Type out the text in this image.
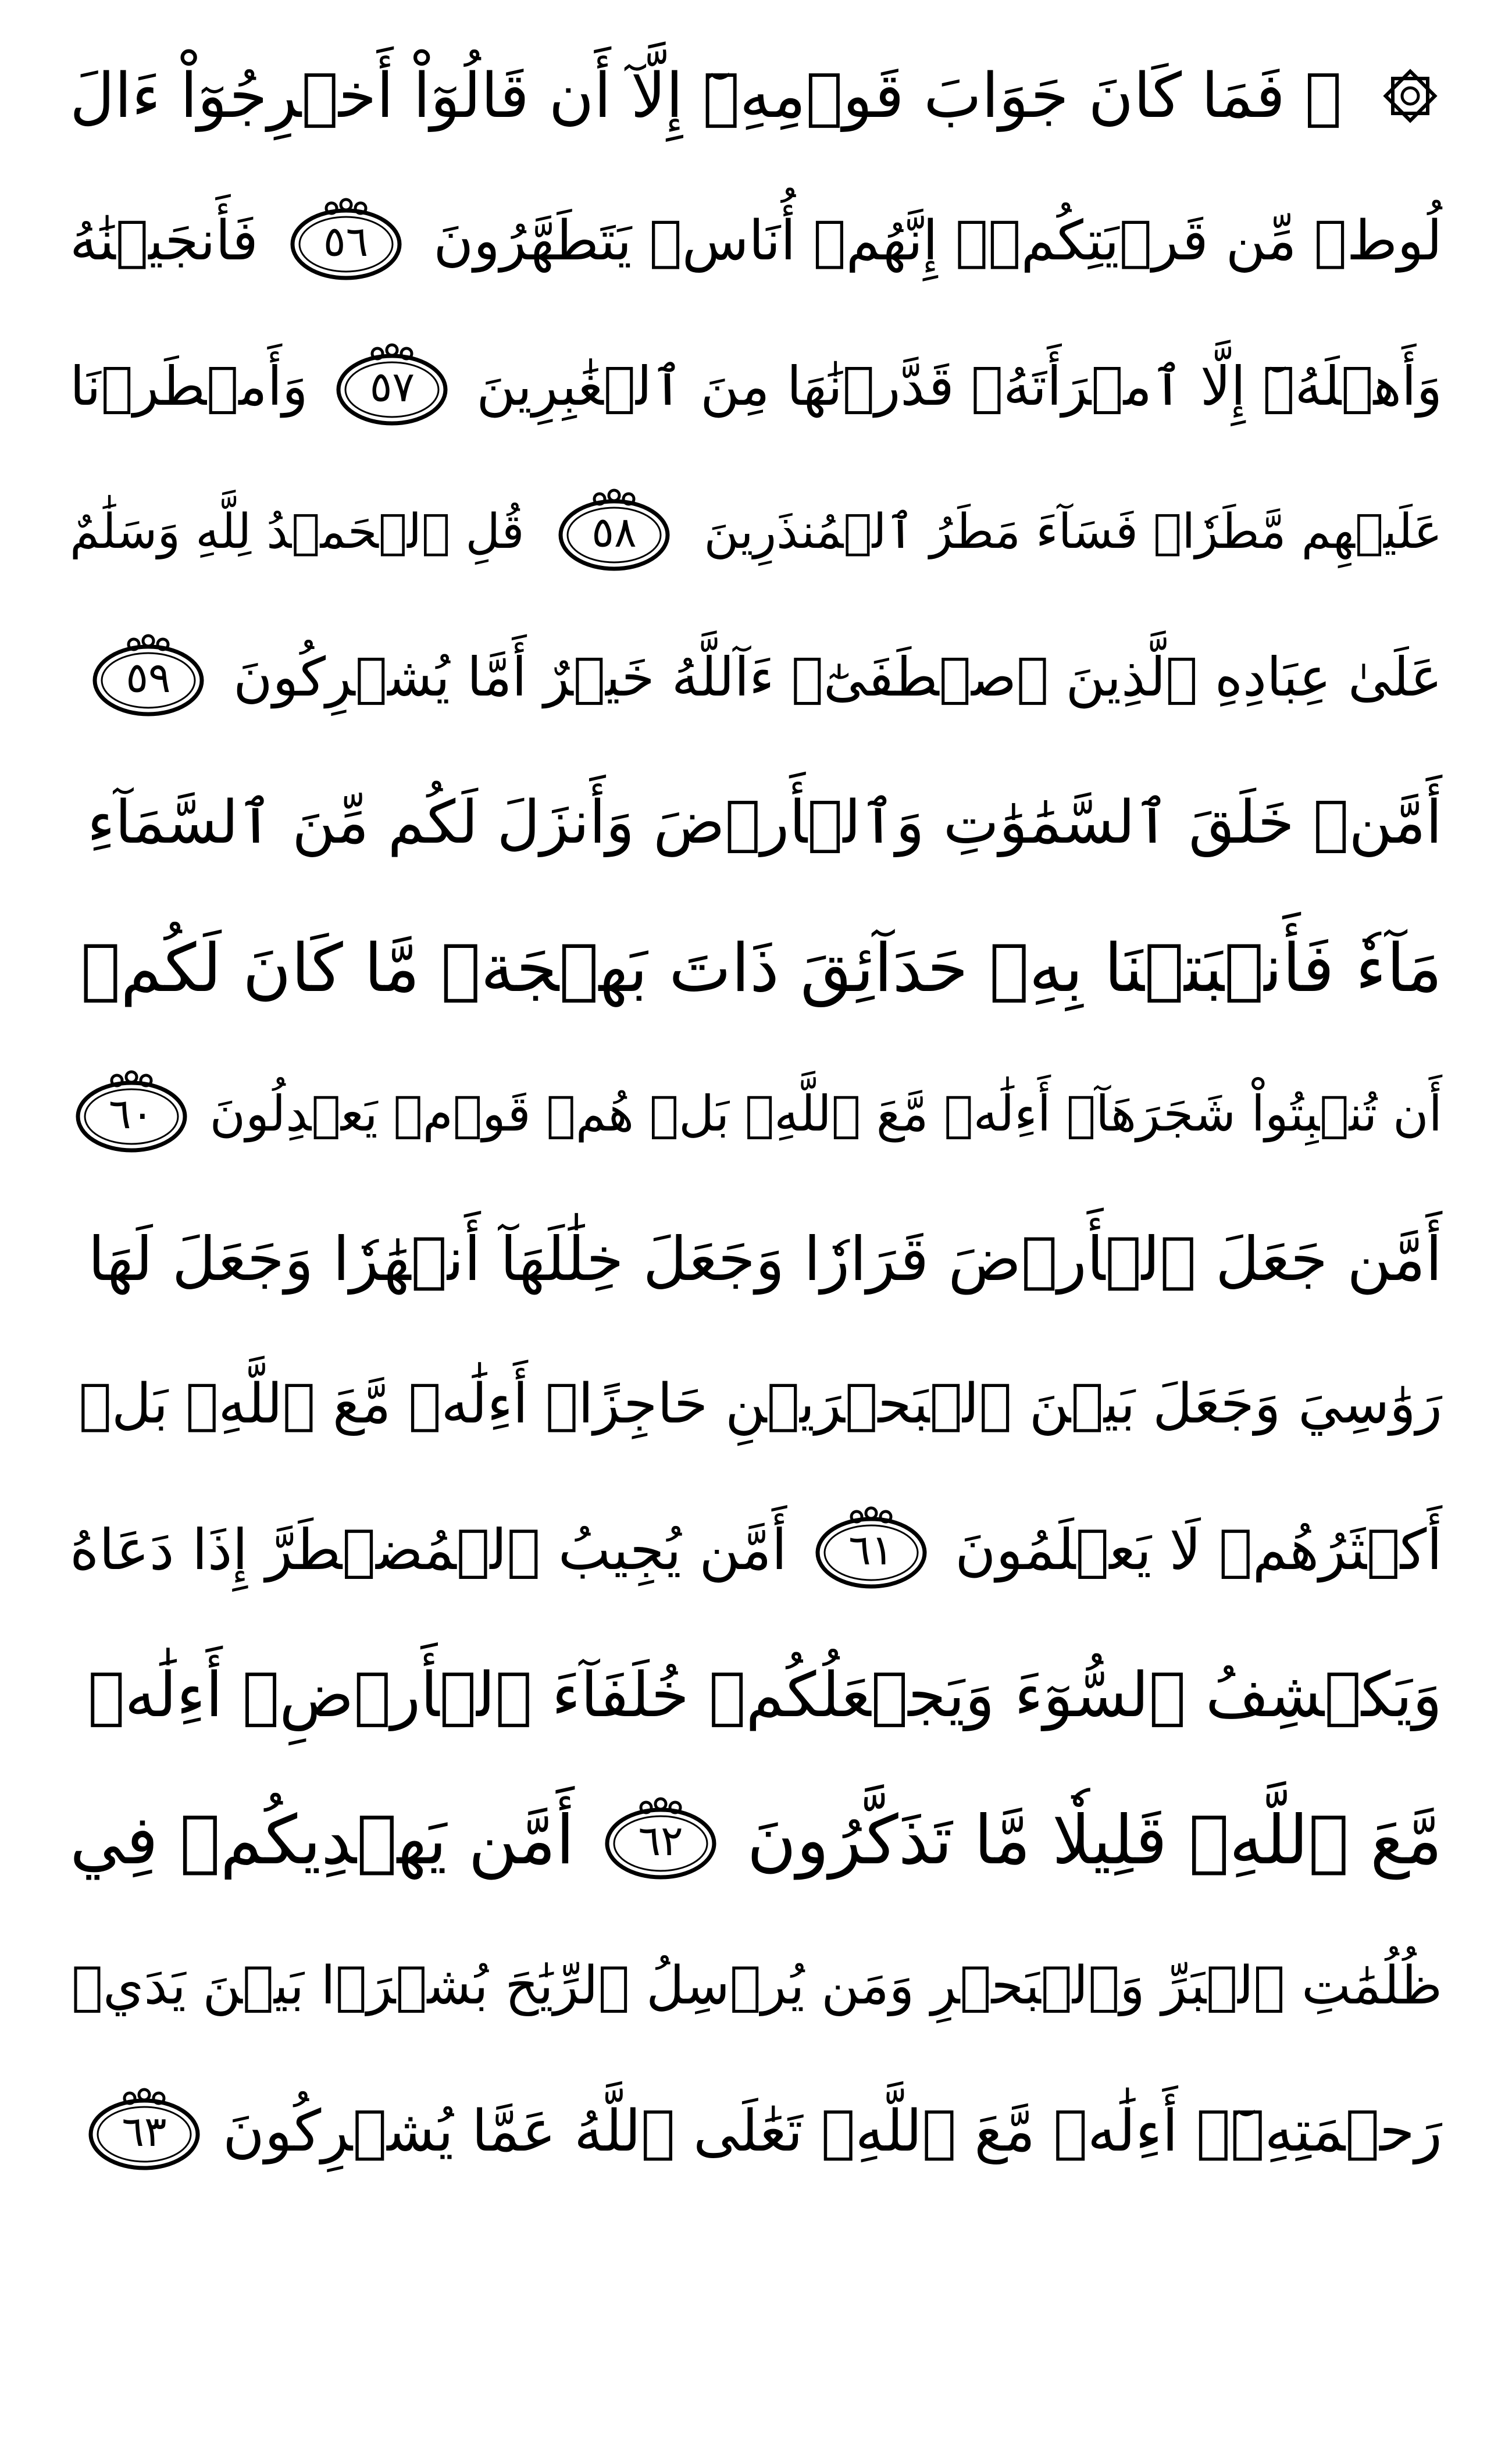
۞ فَمَا كَانَ جَوَابَ قَوۡمِهِۦٓ إِلَّآ أَن قَالُوٓاْ أَخۡرِجُوٓاْ ءَالَ
لُوطٖ مِّن قَرۡيَتِكُمۡۖ إِنَّهُمۡ أُنَاسٞ يَتَطَهَّرُونَ
٥٦
فَأَنجَيۡنَٰهُ
وَأَهۡلَهُۥٓ إِلَّا ٱمۡرَأَتَهُۥ قَدَّرۡنَٰهَا مِنَ ٱلۡغَٰبِرِينَ
٥٧
وَأَمۡطَرۡنَا
عَلَيۡهِم مَّطَرٗاۖ فَسَآءَ مَطَرُ ٱلۡمُنذَرِينَ
٥٨
قُلِ ٱلۡحَمۡدُ لِلَّهِ وَسَلَٰمٌ
عَلَىٰ عِبَادِهِ ٱلَّذِينَ ٱصۡطَفَىٰٓۗ ءَآللَّهُ خَيۡرٌ أَمَّا يُشۡرِكُونَ
٥٩
أَمَّنۡ خَلَقَ ٱلسَّمَٰوَٰتِ وَٱلۡأَرۡضَ وَأَنزَلَ لَكُم مِّنَ ٱلسَّمَآءِ
مَآءٗ فَأَنۢبَتۡنَا بِهِۦ حَدَآئِقَ ذَاتَ بَهۡجَةٖ مَّا كَانَ لَكُمۡ
أَن تُنۢبِتُواْ شَجَرَهَآۗ أَءِلَٰهٞ مَّعَ ٱللَّهِۚ بَلۡ هُمۡ قَوۡمٞ يَعۡدِلُونَ
٦٠
أَمَّن جَعَلَ ٱلۡأَرۡضَ قَرَارٗا وَجَعَلَ خِلَٰلَهَآ أَنۡهَٰرٗا وَجَعَلَ لَهَا
رَوَٰسِيَ وَجَعَلَ بَيۡنَ ٱلۡبَحۡرَيۡنِ حَاجِزًاۗ أَءِلَٰهٞ مَّعَ ٱللَّهِۚ بَلۡ
أَكۡثَرُهُمۡ لَا يَعۡلَمُونَ
٦١
أَمَّن يُجِيبُ ٱلۡمُضۡطَرَّ إِذَا دَعَاهُ
وَيَكۡشِفُ ٱلسُّوٓءَ وَيَجۡعَلُكُمۡ خُلَفَآءَ ٱلۡأَرۡضِۗ أَءِلَٰهٞ
مَّعَ ٱللَّهِۚ قَلِيلٗا مَّا تَذَكَّرُونَ
٦٢
أَمَّن يَهۡدِيكُمۡ فِي
ظُلُمَٰتِ ٱلۡبَرِّ وَٱلۡبَحۡرِ وَمَن يُرۡسِلُ ٱلرِّيَٰحَ بُشۡرَۢا بَيۡنَ يَدَيۡ
رَحۡمَتِهِۦٓۗ أَءِلَٰهٞ مَّعَ ٱللَّهِۚ تَعَٰلَى ٱللَّهُ عَمَّا يُشۡرِكُونَ
٦٣
